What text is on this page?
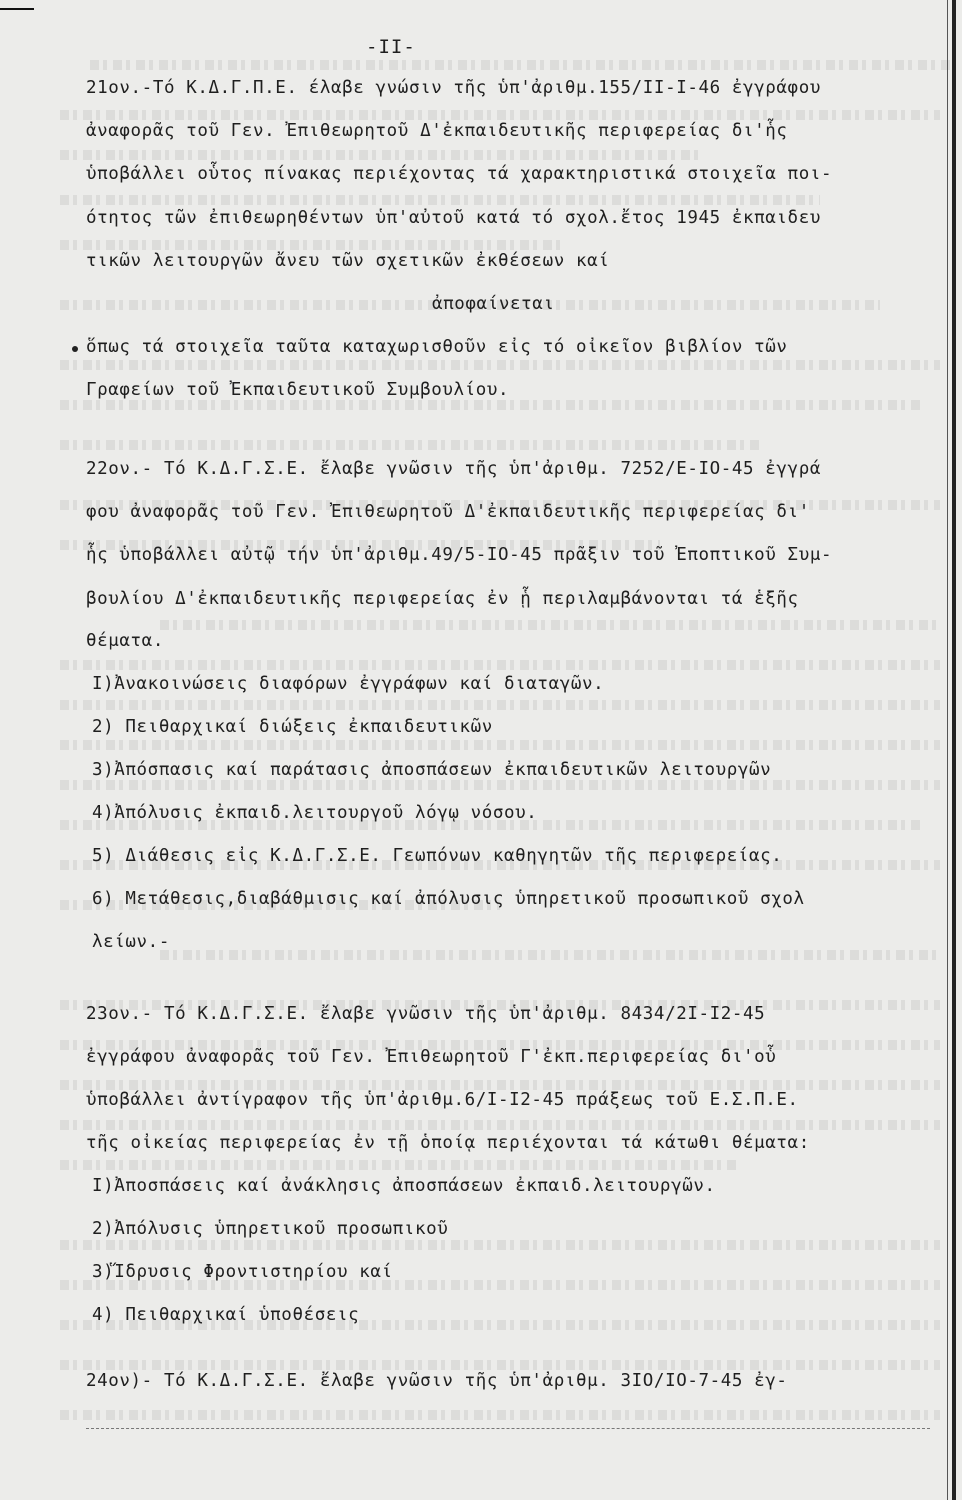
-II-
21ον.-Τό Κ.Δ.Γ.Π.Ε. έλαβε γνώσιν τῆς ὑπ'ἀριθμ.155/ΙΙ-Ι-46 ἐγγράφου
ἀναφορᾶς τοῦ Γεν. Ἐπιθεωρητοῦ Δ'ἐκπαιδευτικῆς περιφερείας δι'ἧς
ὑποβάλλει οὗτος πίνακας περιέχοντας τά χαρακτηριστικά στοιχεῖα ποι-
ότητος τῶν ἐπιθεωρηθέντων ὑπ'αὐτοῦ κατά τό σχολ.ἔτος 1945 ἐκπαιδευ
τικῶν λειτουργῶν ἄνευ τῶν σχετικῶν ἐκθέσεων καί
ἀποφαίνεται
ὅπως τά στοιχεῖα ταῦτα καταχωρισθοῦν εἰς τό οἰκεῖον βιβλίον τῶν
Γραφείων τοῦ Ἐκπαιδευτικοῦ Συμβουλίου.
22ον.- Τό Κ.Δ.Γ.Σ.Ε. ἔλαβε γνῶσιν τῆς ὑπ'ἀριθμ. 7252/Ε-ΙΟ-45 ἐγγρά
φου ἀναφορᾶς τοῦ Γεν. Ἐπιθεωρητοῦ Δ'ἐκπαιδευτικῆς περιφερείας δι'
ἧς ὑποβάλλει αὐτῷ τήν ὑπ'ἀριθμ.49/5-ΙΟ-45 πρᾶξιν τοῦ Ἐποπτικοῦ Συμ-
βουλίου Δ'ἐκπαιδευτικῆς περιφερείας ἐν ᾗ περιλαμβάνονται τά ἑξῆς
θέματα.
Ι)Ἀνακοινώσεις διαφόρων ἐγγράφων καί διαταγῶν.
2) Πειθαρχικαί διώξεις ἐκπαιδευτικῶν
3)Ἀπόσπασις καί παράτασις ἀποσπάσεων ἐκπαιδευτικῶν λειτουργῶν
4)Ἀπόλυσις ἐκπαιδ.λειτουργοῦ λόγῳ νόσου.
5) Διάθεσις εἰς Κ.Δ.Γ.Σ.Ε. Γεωπόνων καθηγητῶν τῆς περιφερείας.
6) Μετάθεσις,διαβάθμισις καί ἀπόλυσις ὑπηρετικοῦ προσωπικοῦ σχολ
λείων.-
23ον.- Τό Κ.Δ.Γ.Σ.Ε. ἔλαβε γνῶσιν τῆς ὑπ'ἀριθμ. 8434/2Ι-Ι2-45
ἐγγράφου ἀναφορᾶς τοῦ Γεν. Ἐπιθεωρητοῦ Γ'ἐκπ.περιφερείας δι'οὗ
ὑποβάλλει ἀντίγραφον τῆς ὑπ'ἀριθμ.6/Ι-Ι2-45 πράξεως τοῦ Ε.Σ.Π.Ε.
τῆς οἰκείας περιφερείας ἐν τῇ ὁποίᾳ περιέχονται τά κάτωθι θέματα:
Ι)Ἀποσπάσεις καί ἀνάκλησις ἀποσπάσεων ἐκπαιδ.λειτουργῶν.
2)Ἀπόλυσις ὑπηρετικοῦ προσωπικοῦ
3)Ἵδρυσις Φροντιστηρίου καί
4) Πειθαρχικαί ὑποθέσεις
24ον)- Τό Κ.Δ.Γ.Σ.Ε. ἔλαβε γνῶσιν τῆς ὑπ'ἀριθμ. 3ΙΟ/ΙΟ-7-45 ἐγ-
